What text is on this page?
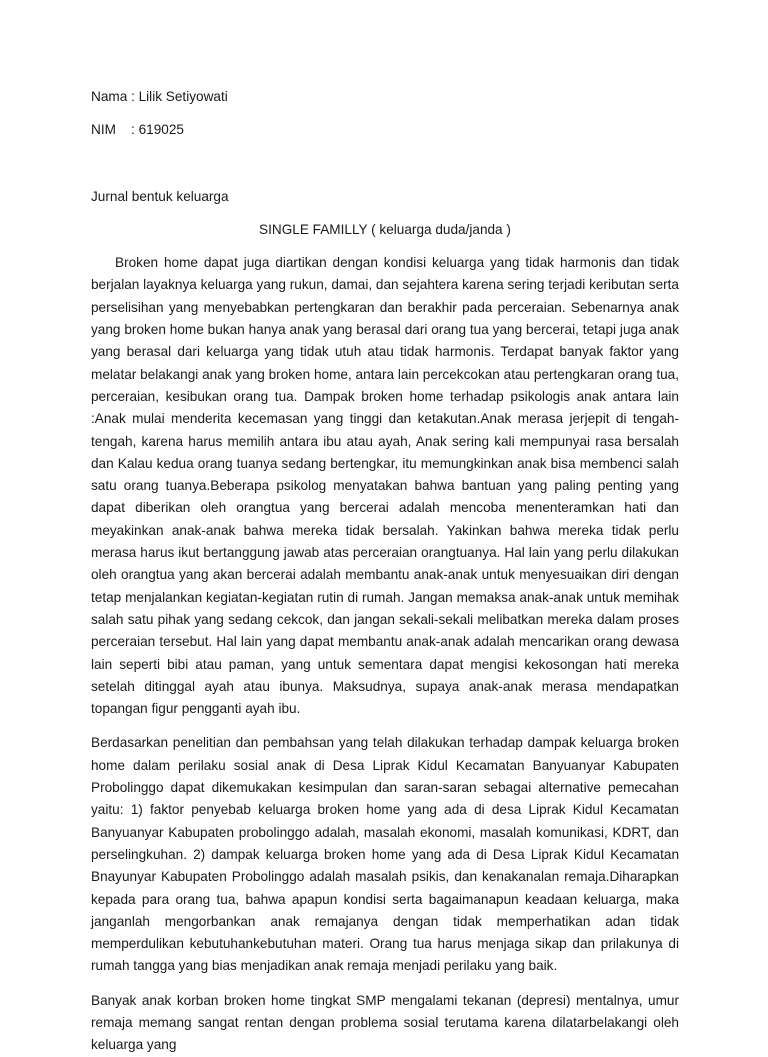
Nama : Lilik Setiyowati

NIM    : 619025

Jurnal bentuk keluarga

SINGLE FAMILLY ( keluarga duda/janda )

Broken home dapat juga diartikan dengan kondisi keluarga yang tidak harmonis dan tidak berjalan layaknya keluarga yang rukun, damai, dan sejahtera karena sering terjadi keributan serta perselisihan yang menyebabkan pertengkaran dan berakhir pada perceraian. Sebenarnya anak yang broken home bukan hanya anak yang berasal dari orang tua yang bercerai, tetapi juga anak yang berasal dari keluarga yang tidak utuh atau tidak harmonis. Terdapat banyak faktor yang melatar belakangi anak yang broken home, antara lain percekcokan atau pertengkaran orang tua, perceraian, kesibukan orang tua. Dampak broken home terhadap psikologis anak antara lain :Anak mulai menderita kecemasan yang tinggi dan ketakutan.Anak merasa jerjepit di tengah-tengah, karena harus memilih antara ibu atau ayah, Anak sering kali mempunyai rasa bersalah dan Kalau kedua orang tuanya sedang bertengkar, itu memungkinkan anak bisa membenci salah satu orang tuanya.Beberapa psikolog menyatakan bahwa bantuan yang paling penting yang dapat diberikan oleh orangtua yang bercerai adalah mencoba menenteramkan hati dan meyakinkan anak-anak bahwa mereka tidak bersalah. Yakinkan bahwa mereka tidak perlu merasa harus ikut bertanggung jawab atas perceraian orangtuanya. Hal lain yang perlu dilakukan oleh orangtua yang akan bercerai adalah membantu anak-anak untuk menyesuaikan diri dengan tetap menjalankan kegiatan-kegiatan rutin di rumah. Jangan memaksa anak-anak untuk memihak salah satu pihak yang sedang cekcok, dan jangan sekali-sekali melibatkan mereka dalam proses perceraian tersebut. Hal lain yang dapat membantu anak-anak adalah mencarikan orang dewasa lain seperti bibi atau paman, yang untuk sementara dapat mengisi kekosongan hati mereka setelah ditinggal ayah atau ibunya. Maksudnya, supaya anak-anak merasa mendapatkan topangan figur pengganti ayah ibu.

Berdasarkan penelitian dan pembahsan yang telah dilakukan terhadap dampak keluarga broken home dalam perilaku sosial anak di Desa Liprak Kidul Kecamatan Banyuanyar Kabupaten Probolinggo dapat dikemukakan kesimpulan dan saran-saran sebagai alternative pemecahan yaitu: 1) faktor penyebab keluarga broken home yang ada di desa Liprak Kidul Kecamatan Banyuanyar Kabupaten probolinggo adalah, masalah ekonomi, masalah komunikasi, KDRT, dan perselingkuhan. 2) dampak keluarga broken home yang ada di Desa Liprak Kidul Kecamatan Bnayunyar Kabupaten Probolinggo adalah masalah psikis, dan kenakanalan remaja.Diharapkan kepada para orang tua, bahwa apapun kondisi serta bagaimanapun keadaan keluarga, maka janganlah mengorbankan anak remajanya dengan tidak memperhatikan adan tidak memperdulikan kebutuhankebutuhan materi. Orang tua harus menjaga sikap dan prilakunya di rumah tangga yang bias menjadikan anak remaja menjadi perilaku yang baik.

Banyak anak korban broken home tingkat SMP mengalami tekanan (depresi) mentalnya, umur remaja memang sangat rentan dengan problema sosial terutama karena dilatarbelakangi oleh keluarga yang
